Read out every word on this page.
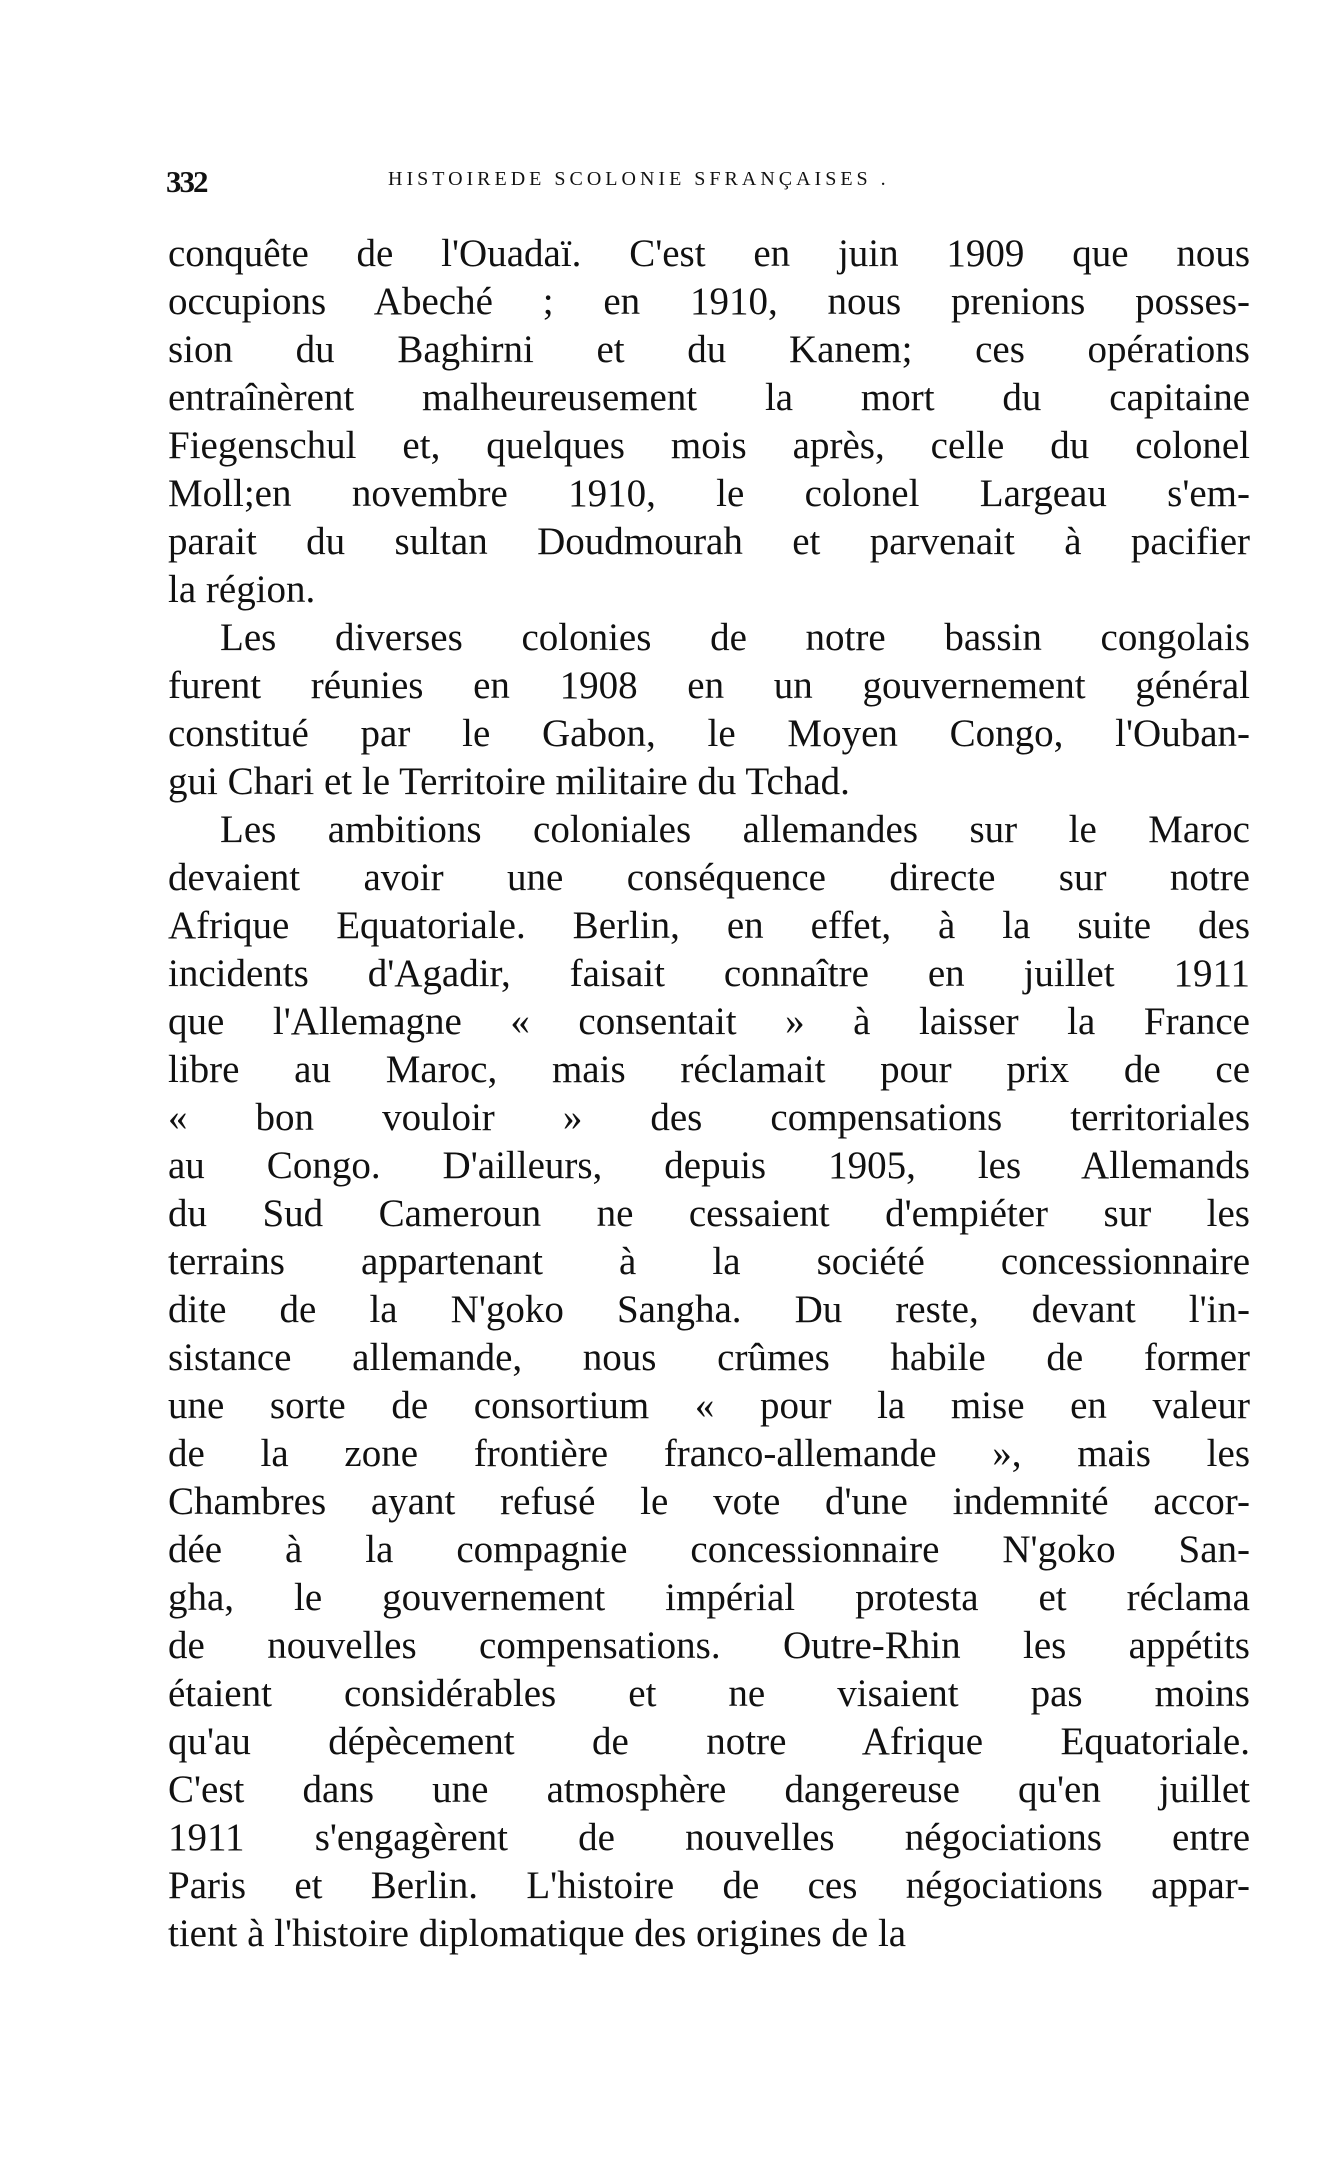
332	HISTOIREDE SCOLONIE SFRANÇAISES .
conquête de l'Ouadaï. C'est en juin 1909 que nous
occupions Abeché ; en 1910, nous prenions posses-
sion du Baghirni et du Kanem; ces opérations
entraînèrent malheureusement la mort du capitaine
Fiegenschul et, quelques mois après, celle du colonel
Moll;en novembre 1910, le colonel Largeau s'em-
parait du sultan Doudmourah et parvenait à pacifier
la région.
Les diverses colonies de notre bassin congolais
furent réunies en 1908 en un gouvernement général
constitué par le Gabon, le Moyen Congo, l'Ouban-
gui Chari et le Territoire militaire du Tchad.
Les ambitions coloniales allemandes sur le Maroc
devaient avoir une conséquence directe sur notre
Afrique Equatoriale. Berlin, en effet, à la suite des
incidents d'Agadir, faisait connaître en juillet 1911
que l'Allemagne « consentait » à laisser la France
libre au Maroc, mais réclamait pour prix de ce
« bon vouloir » des compensations territoriales
au Congo. D'ailleurs, depuis 1905, les Allemands
du Sud Cameroun ne cessaient d'empiéter sur les
terrains appartenant à la société concessionnaire
dite de la N'goko Sangha. Du reste, devant l'in-
sistance allemande, nous crûmes habile de former
une sorte de consortium « pour la mise en valeur
de la zone frontière franco-allemande », mais les
Chambres ayant refusé le vote d'une indemnité accor-
dée à la compagnie concessionnaire N'goko San-
gha, le gouvernement impérial protesta et réclama
de nouvelles compensations. Outre-Rhin les appétits
étaient considérables et ne visaient pas moins
qu'au dépècement de notre Afrique Equatoriale.
C'est dans une atmosphère dangereuse qu'en juillet
1911 s'engagèrent de nouvelles négociations entre
Paris et Berlin. L'histoire de ces négociations appar-
tient à l'histoire diplomatique des origines de la
